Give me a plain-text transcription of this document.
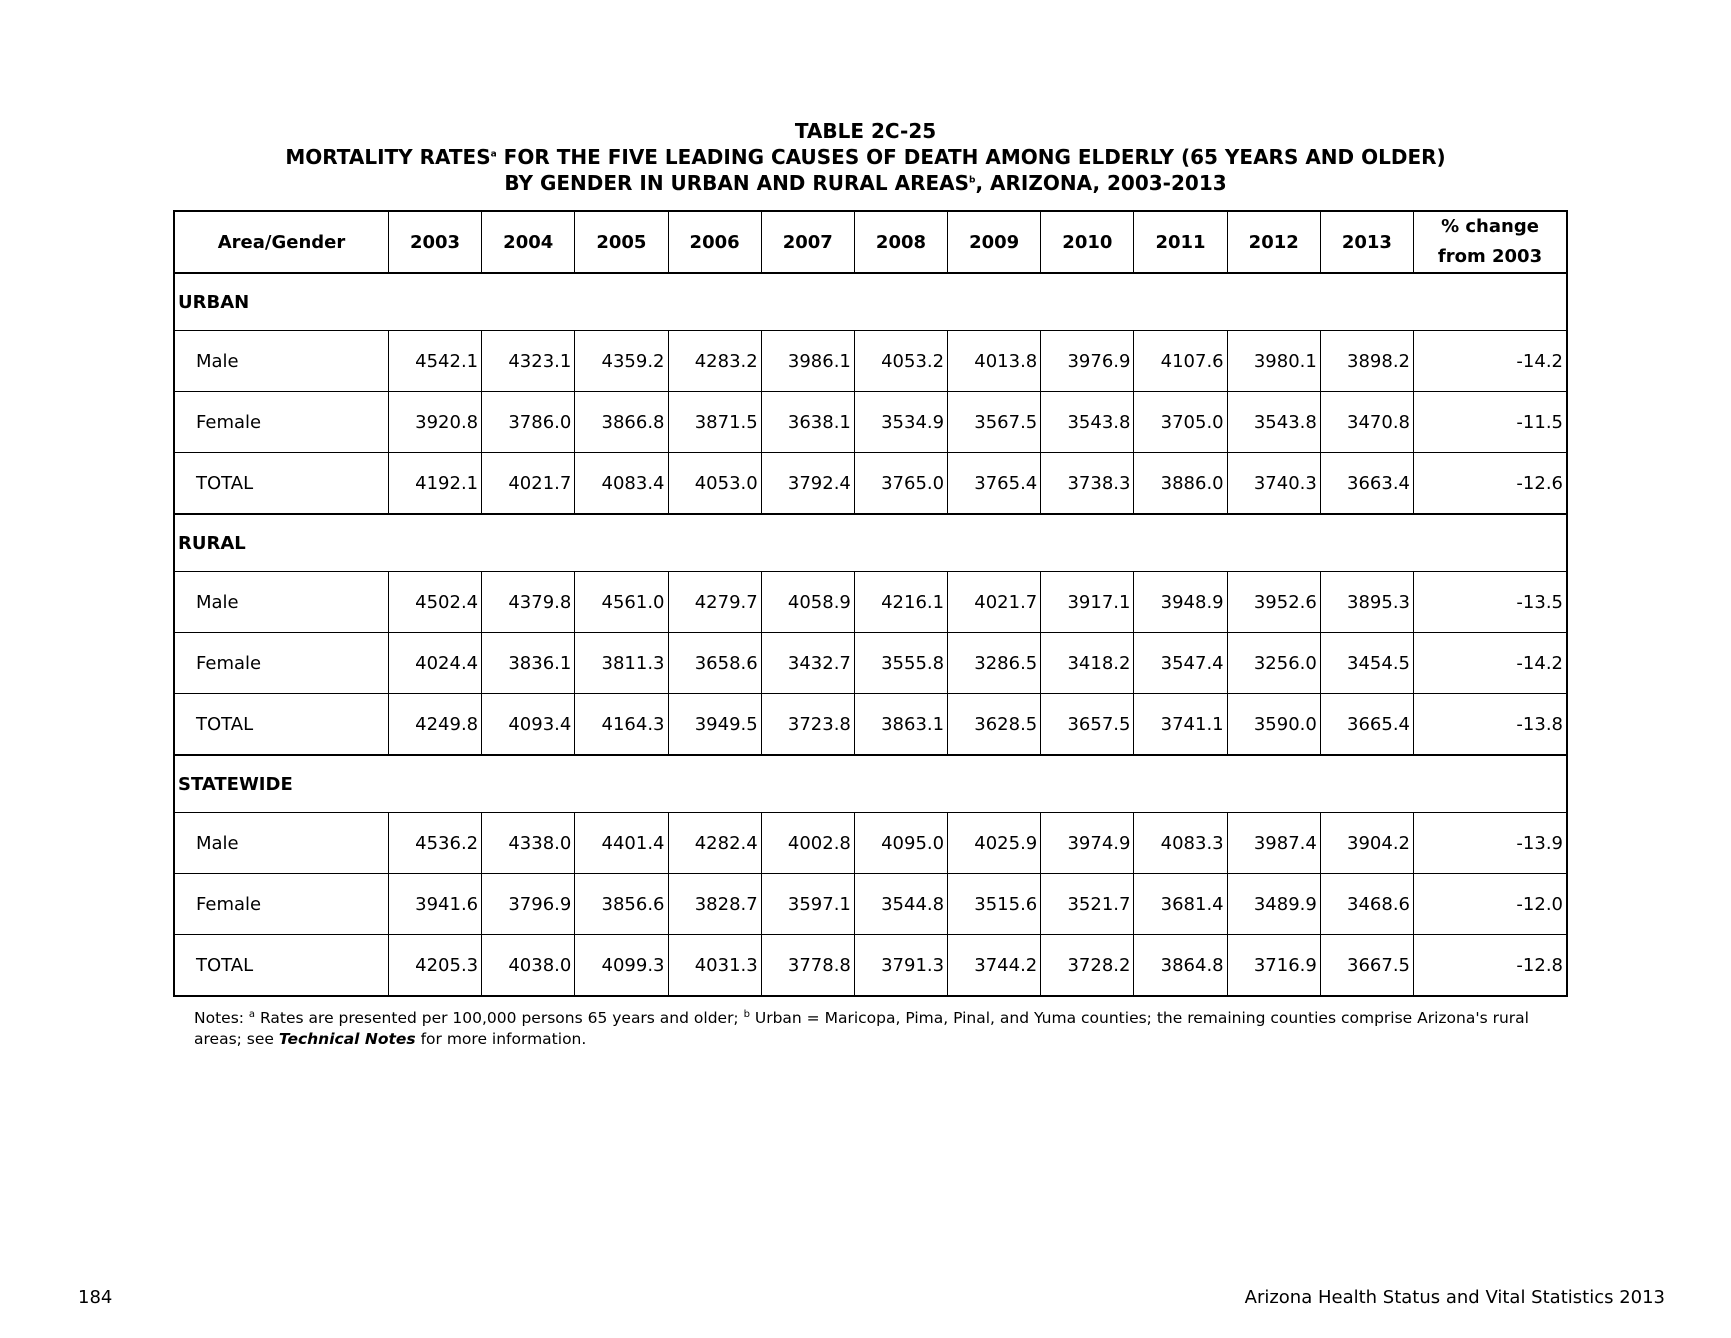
TABLE 2C-25
MORTALITY RATES$^a$ FOR THE FIVE LEADING CAUSES OF DEATH AMONG ELDERLY (65 YEARS AND OLDER)
BY GENDER IN URBAN AND RURAL AREAS$^b$, ARIZONA, 2003-2013
Area/Gender	2003	2004	2005	2006	2007	2008	2009	2010	2011	2012	2013	% change
from 2003
URBAN												
Male	4542.1	4323.1	4359.2	4283.2	3986.1	4053.2	4013.8	3976.9	4107.6	3980.1	3898.2	-14.2
Female	3920.8	3786.0	3866.8	3871.5	3638.1	3534.9	3567.5	3543.8	3705.0	3543.8	3470.8	-11.5
TOTAL	4192.1	4021.7	4083.4	4053.0	3792.4	3765.0	3765.4	3738.3	3886.0	3740.3	3663.4	-12.6
RURAL												
Male	4502.4	4379.8	4561.0	4279.7	4058.9	4216.1	4021.7	3917.1	3948.9	3952.6	3895.3	-13.5
Female	4024.4	3836.1	3811.3	3658.6	3432.7	3555.8	3286.5	3418.2	3547.4	3256.0	3454.5	-14.2
TOTAL	4249.8	4093.4	4164.3	3949.5	3723.8	3863.1	3628.5	3657.5	3741.1	3590.0	3665.4	-13.8
STATEWIDE												
Male	4536.2	4338.0	4401.4	4282.4	4002.8	4095.0	4025.9	3974.9	4083.3	3987.4	3904.2	-13.9
Female	3941.6	3796.9	3856.6	3828.7	3597.1	3544.8	3515.6	3521.7	3681.4	3489.9	3468.6	-12.0
TOTAL	4205.3	4038.0	4099.3	4031.3	3778.8	3791.3	3744.2	3728.2	3864.8	3716.9	3667.5	-12.8
Notes: $^a$ Rates are presented per 100,000 persons 65 years and older; $^b$ Urban = Maricopa, Pima, Pinal, and Yuma counties; the remaining counties comprise Arizona's rural areas; see Technical Notes for more information.
184	Arizona Health Status and Vital Statistics 2013
